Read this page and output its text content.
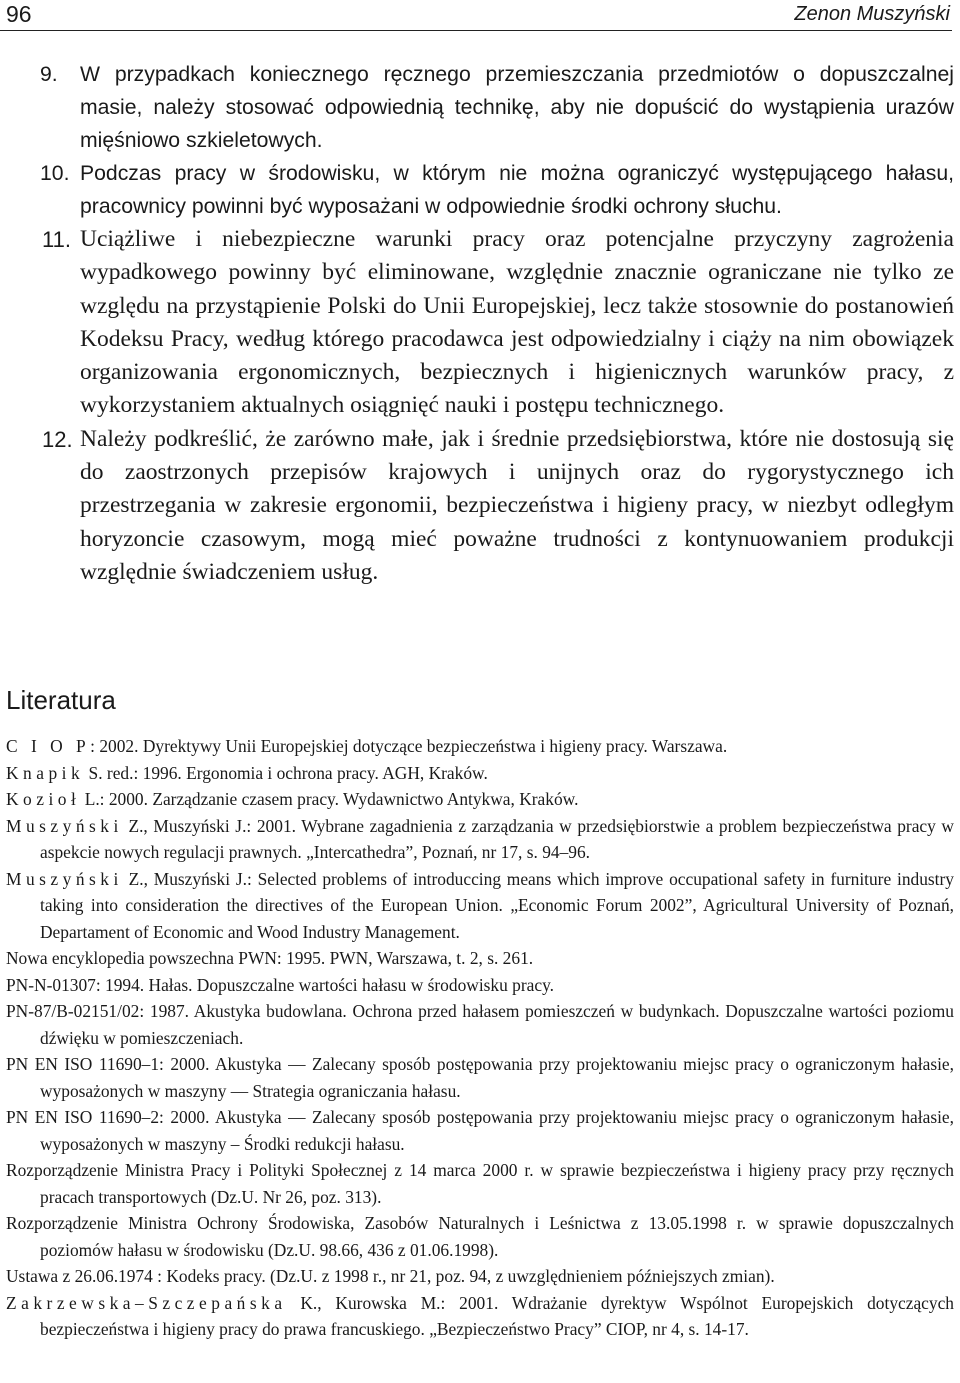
96	Zenon Muszyński
9. W przypadkach koniecznego ręcznego przemieszczania przedmiotów o dopuszczalnej masie, należy stosować odpowiednią technikę, aby nie dopuścić do wystąpienia urazów mięśniowo szkieletowych.
10. Podczas pracy w środowisku, w którym nie można ograniczyć występującego hałasu, pracownicy powinni być wyposażani w odpowiednie środki ochrony słuchu.
11. Uciążliwe i niebezpieczne warunki pracy oraz potencjalne przyczyny zagrożenia wypadkowego powinny być eliminowane, względnie znacznie ograniczane nie tylko ze względu na przystąpienie Polski do Unii Europejskiej, lecz także stosownie do postanowień Kodeksu Pracy, według którego pracodawca jest odpowiedzialny i ciąży na nim obowiązek organizowania ergonomicznych, bezpiecznych i higienicznych warunków pracy, z wykorzystaniem aktualnych osiągnięć nauki i postępu technicznego.
12. Należy podkreślić, że zarówno małe, jak i średnie przedsiębiorstwa, które nie dostosują się do zaostrzonych przepisów krajowych i unijnych oraz do rygorystycznego ich przestrzegania w zakresie ergonomii, bezpieczeństwa i higieny pracy, w niezbyt odległym horyzoncie czasowym, mogą mieć poważne trudności z kontynuowaniem produkcji względnie świadczeniem usług.
Literatura
C I O P: 2002. Dyrektywy Unii Europejskiej dotyczące bezpieczeństwa i higieny pracy. Warszawa.
Knapik S. red.: 1996. Ergonomia i ochrona pracy. AGH, Kraków.
Kozioł L.: 2000. Zarządzanie czasem pracy. Wydawnictwo Antykwa, Kraków.
Muszyński Z., Muszyński J.: 2001. Wybrane zagadnienia z zarządzania w przedsiębiorstwie a problem bezpieczeństwa pracy w aspekcie nowych regulacji prawnych. „Intercathedra”, Poznań, nr 17, s. 94–96.
Muszyński Z., Muszyński J.: Selected problems of introduccing means which improve occupational safety in furniture industry taking into consideration the directives of the European Union. „Economic Forum 2002”, Agricultural University of Poznań, Departament of Economic and Wood Industry Management.
Nowa encyklopedia powszechna PWN: 1995. PWN, Warszawa, t. 2, s. 261.
PN-N-01307: 1994. Hałas. Dopuszczalne wartości hałasu w środowisku pracy.
PN-87/B-02151/02: 1987. Akustyka budowlana. Ochrona przed hałasem pomieszczeń w budynkach. Dopuszczalne wartości poziomu dźwięku w pomieszczeniach.
PN EN ISO 11690–1: 2000. Akustyka — Zalecany sposób postępowania przy projektowaniu miejsc pracy o ograniczonym hałasie, wyposażonych w maszyny — Strategia ograniczania hałasu.
PN EN ISO 11690–2: 2000. Akustyka — Zalecany sposób postępowania przy projektowaniu miejsc pracy o ograniczonym hałasie, wyposażonych w maszyny – Środki redukcji hałasu.
Rozporządzenie Ministra Pracy i Polityki Społecznej z 14 marca 2000 r. w sprawie bezpieczeństwa i higieny pracy przy ręcznych pracach transportowych (Dz.U. Nr 26, poz. 313).
Rozporządzenie Ministra Ochrony Środowiska, Zasobów Naturalnych i Leśnictwa z 13.05.1998 r. w sprawie dopuszczalnych poziomów hałasu w środowisku (Dz.U. 98.66, 436 z 01.06.1998).
Ustawa z 26.06.1974 : Kodeks pracy. (Dz.U. z 1998 r., nr 21, poz. 94, z uwzględnieniem późniejszych zmian).
Zakrzewska–Szczepańska K., Kurowska M.: 2001. Wdrażanie dyrektyw Wspólnot Europejskich dotyczących bezpieczeństwa i higieny pracy do prawa francuskiego. „Bezpieczeństwo Pracy” CIOP, nr 4, s. 14-17.
